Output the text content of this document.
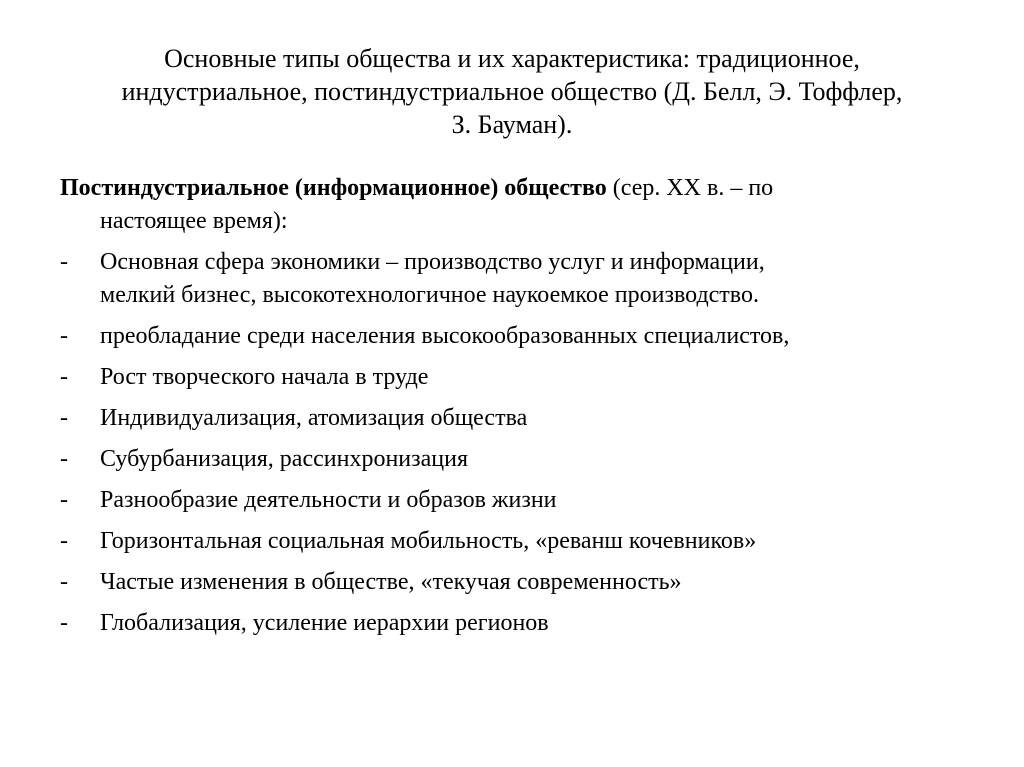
Основные типы общества и их характеристика: традиционное,
индустриальное, постиндустриальное общество (Д. Белл, Э. Тоффлер,
З. Бауман).

Постиндустриальное (информационное) общество (сер. XX в. – по
настоящее время):

- Основная сфера экономики – производство услуг и информации,
мелкий бизнес, высокотехнологичное наукоемкое производство.
- преобладание среди населения высокообразованных специалистов,
- Рост творческого начала в труде
- Индивидуализация, атомизация общества
- Субурбанизация, рассинхронизация
- Разнообразие деятельности и образов жизни
- Горизонтальная социальная мобильность, «реванш кочевников»
- Частые изменения в обществе, «текучая современность»
- Глобализация, усиление иерархии регионов
